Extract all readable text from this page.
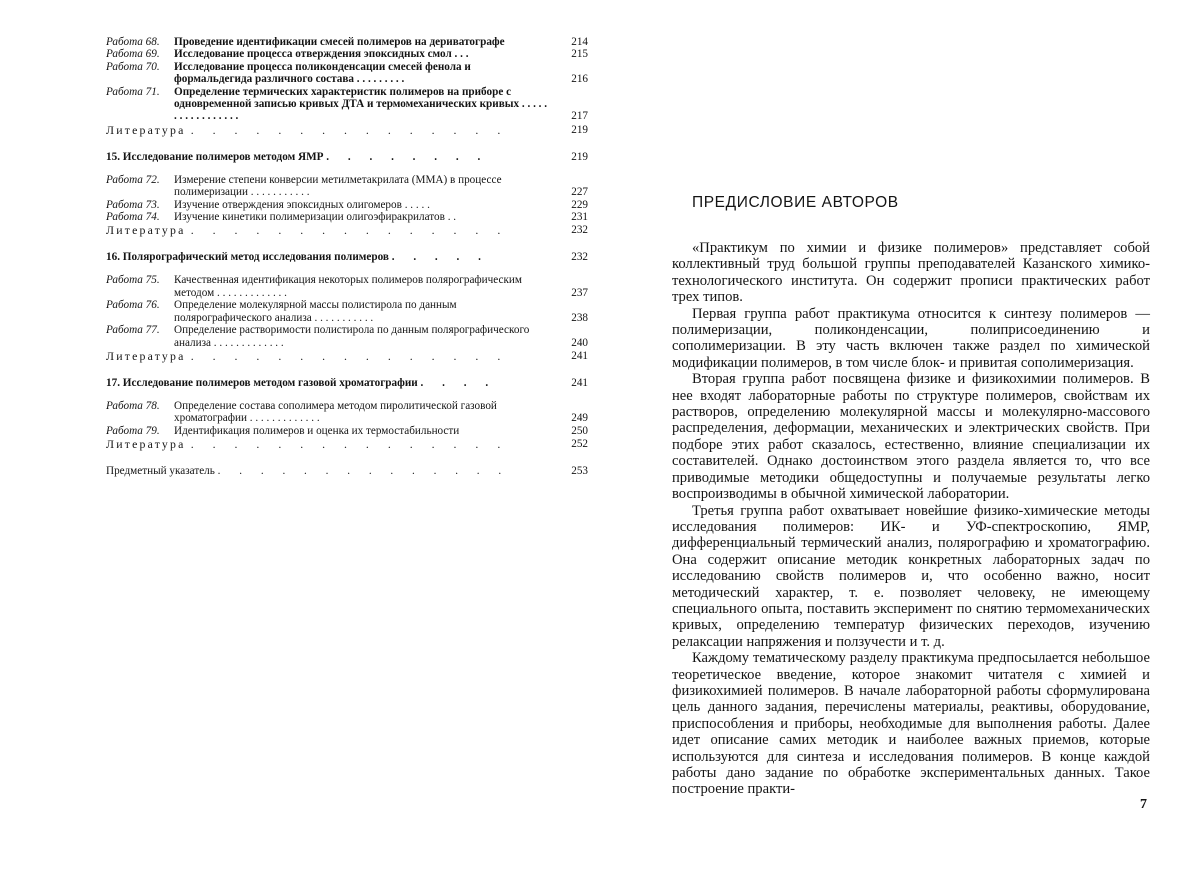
Работа 68. Проведение идентификации смесей полимеров на дериватографе	214
Работа 69. Исследование процесса отверждения эпоксидных смол . . .	215
Работа 70. Исследование процесса поликонденсации смесей фенола и формальдегида различного состава . . . . . . . . .	216
Работа 71. Определение термических характеристик полимеров на приборе с одновременной записью кривых ДТА и термомеханических кривых . . . . . . . . . . . . . . . . .	217
Литература . . . . . . . . . . . . . . .	219
15. Исследование полимеров методом ЯМР . . . . . . . .	219
Работа 72. Измерение степени конверсии метилметакрилата (ММА) в процессе полимеризации . . . . . . . . . . .	227
Работа 73. Изучение отверждения эпоксидных олигомеров . . . . .	229
Работа 74. Изучение кинетики полимеризации олигоэфиракрилатов . .	231
Литература . . . . . . . . . . . . . . .	232
16. Полярографический метод исследования полимеров . . . . .	232
Работа 75. Качественная идентификация некоторых полимеров полярографическим методом . . . . . . . . . . . . .	237
Работа 76. Определение молекулярной массы полистирола по данным полярографического анализа . . . . . . . . . . .	238
Работа 77. Определение растворимости полистирола по данным полярографического анализа . . . . . . . . . . . . .	240
Литература . . . . . . . . . . . . . . .	241
17. Исследование полимеров методом газовой хроматографии . . . .	241
Работа 78. Определение состава сополимера методом пиролитической газовой хроматографии . . . . . . . . . . . . .	249
Работа 79. Идентификация полимеров и оценка их термостабильности	250
Литература . . . . . . . . . . . . . . .	252
Предметный указатель . . . . . . . . . . . . . .	253
ПРЕДИСЛОВИЕ АВТОРОВ

«Практикум по химии и физике полимеров» представляет собой коллективный труд большой группы преподавателей Казанского химико-технологического института. Он содержит прописи практических работ трех типов.

Первая группа работ практикума относится к синтезу полимеров — полимеризации, поликонденсации, полиприсоединению и сополимеризации. В эту часть включен также раздел по химической модификации полимеров, в том числе блок- и привитая сополимеризация.

Вторая группа работ посвящена физике и физикохимии полимеров. В нее входят лабораторные работы по структуре полимеров, свойствам их растворов, определению молекулярной массы и молекулярно-массового распределения, деформации, механических и электрических свойств. При подборе этих работ сказалось, естественно, влияние специализации их составителей. Однако достоинством этого раздела является то, что все приводимые методики общедоступны и получаемые результаты легко воспроизводимы в обычной химической лаборатории.

Третья группа работ охватывает новейшие физико-химические методы исследования полимеров: ИК- и УФ-спектроскопию, ЯМР, дифференциальный термический анализ, полярографию и хроматографию. Она содержит описание методик конкретных лабораторных задач по исследованию свойств полимеров и, что особенно важно, носит методический характер, т. е. позволяет человеку, не имеющему специального опыта, поставить эксперимент по снятию термомеханических кривых, определению температур физических переходов, изучению релаксации напряжения и ползучести и т. д.

Каждому тематическому разделу практикума предпосылается небольшое теоретическое введение, которое знакомит читателя с химией и физикохимией полимеров. В начале лабораторной работы сформулирована цель данного задания, перечислены материалы, реактивы, оборудование, приспособления и приборы, необходимые для выполнения работы. Далее идет описание самих методик и наиболее важных приемов, которые используются для синтеза и исследования полимеров. В конце каждой работы дано задание по обработке экспериментальных данных. Такое построение практи-

7
